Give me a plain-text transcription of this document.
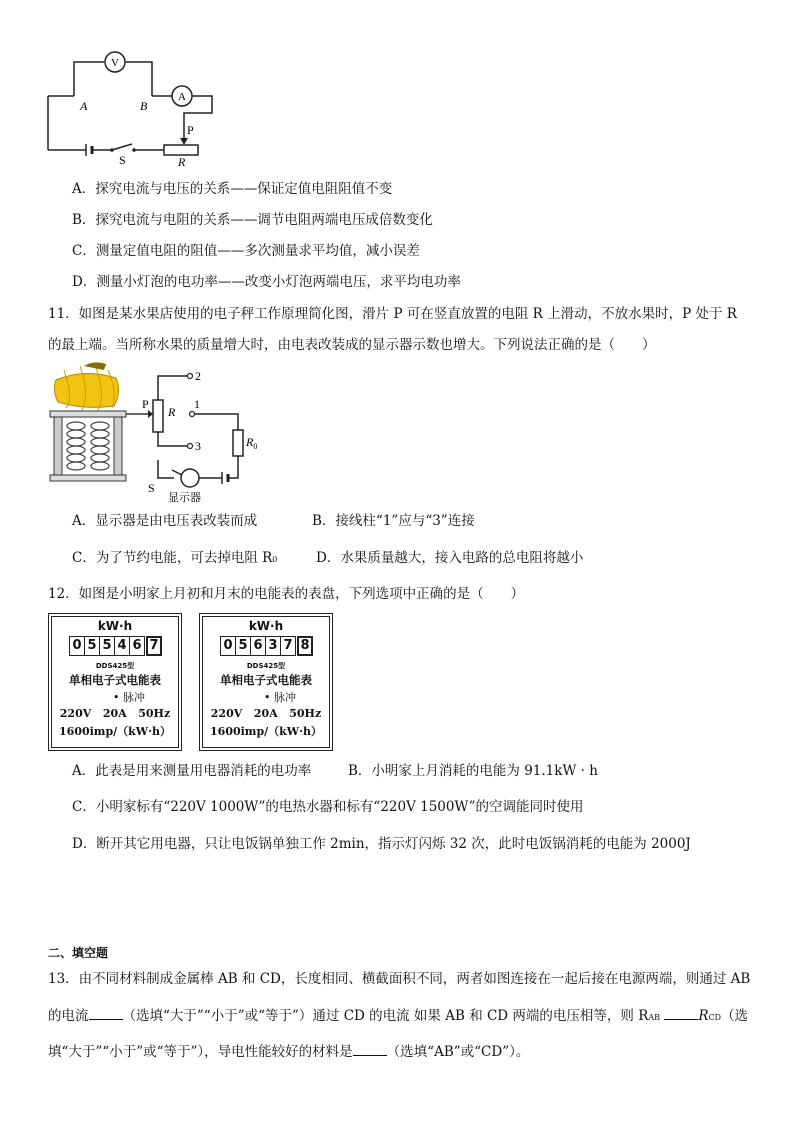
V
A
A	B
P
S	R
A．探究电流与电压的关系——保证定值电阻阻值不变
B．探究电流与电阻的关系——调节电阻两端电压成倍数变化
C．测量定值电阻的阻值——多次测量求平均值，减小误差
D．测量小灯泡的电功率——改变小灯泡两端电压，求平均电功率
11．如图是某水果店使用的电子秤工作原理简化图，滑片 P 可在竖直放置的电阻 R 上滑动，不放水果时，P 处于 R
的最上端。当所称水果的质量增大时，由电表改装成的显示器示数也增大。下列说法正确的是（　　）
P
R
2
1
3	$R_0$
S
显示器
A．显示器是由电压表改装而成	B．接线柱“1”应与“3”连接
C．为了节约电能，可去掉电阻 R0	D．水果质量越大，接入电路的总电阻将越小
12．如图是小明家上月初和月末的电能表的表盘，下列选项中正确的是（　　）
kW·h
0 5 5 4 6 7
DDS425型
单相电子式电能表
• 脉冲
220V 20A 50Hz
1600imp/（kW·h）
kW·h
0 5 6 3 7 8
DDS425型
单相电子式电能表
• 脉冲
220V 20A 50Hz
1600imp/（kW·h）
A．此表是用来测量用电器消耗的电功率	B．小明家上月消耗的电能为 91.1kW · h
C．小明家标有“220V 1000W”的电热水器和标有“220V 1500W”的空调能同时使用
D．断开其它用电器，只让电饭锅单独工作 2min，指示灯闪烁 32 次，此时电饭锅消耗的电能为 2000J
二、填空题
13．由不同材料制成金属棒 AB 和 CD，长度相同、横截面积不同，两者如图连接在一起后接在电源两端，则通过 AB
的电流	（选填“大于”“小于”或“等于”）通过 CD 的电流 如果 AB 和 CD 两端的电压相等，则 RAB	RCD（选
填“大于”“小于”或“等于”），导电性能较好的材料是	（选填“AB”或“CD”）。
